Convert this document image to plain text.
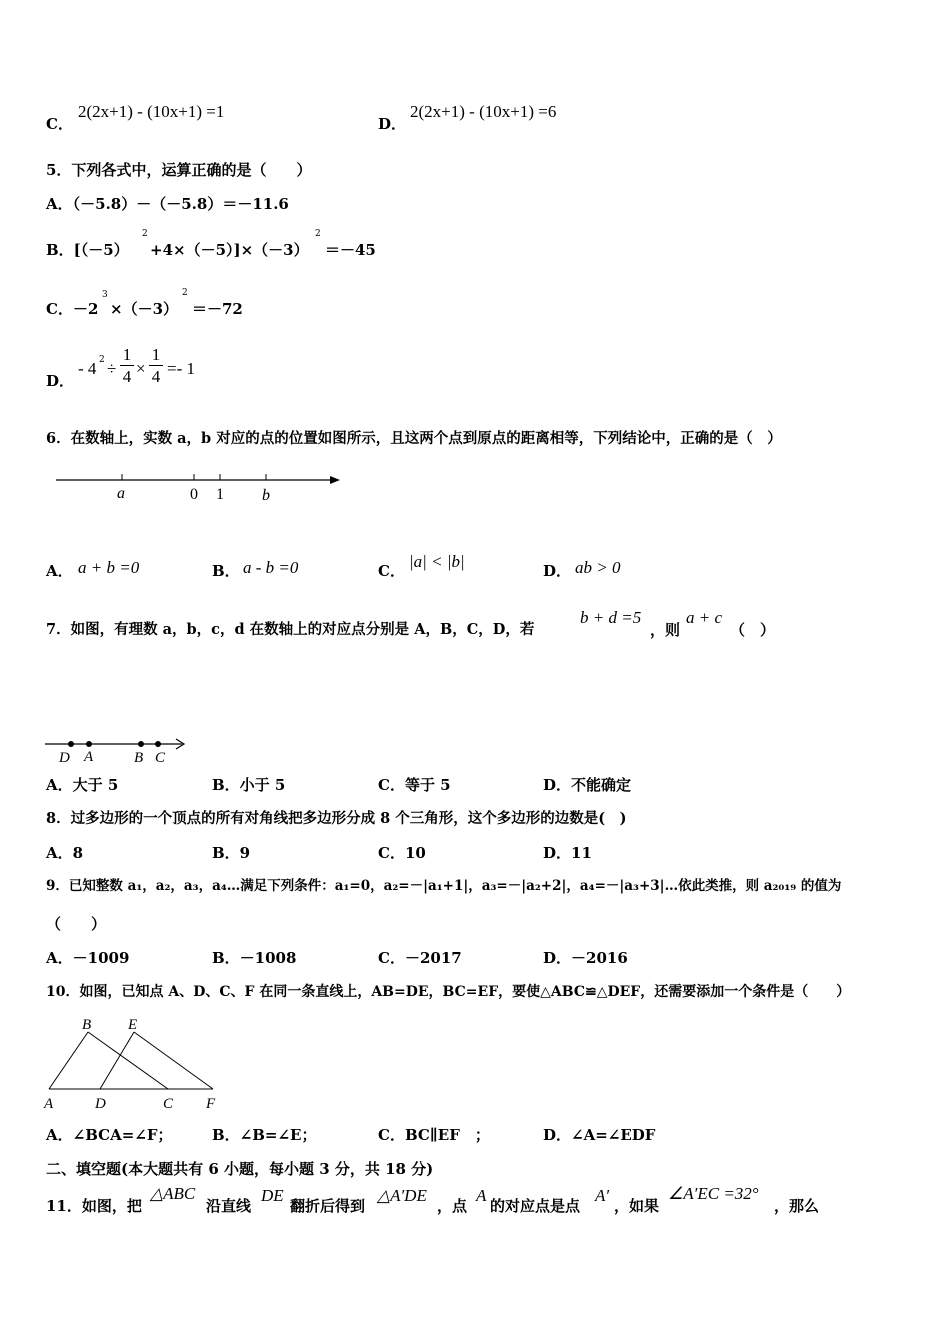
C．
2(2x+1) - (10x+1) =1
D．
2(2x+1) - (10x+1) =6
5．下列各式中，运算正确的是（　　）
A．（－5.8）－（－5.8）＝－11.6
B．[（－5）
2
+4×（－5）]×（－3）
2
＝－45
C．－2
3
×（－3）
2
＝－72
D．
- 4 2 ÷
1
4 ×
1
4 =- 1
6．在数轴上，实数 a，b 对应的点的位置如图所示，且这两个点到原点的距离相等，下列结论中，正确的是（　）
a	0 1 b
A． a + b =0	B． a - b =0	C． |a| < |b|	D． ab > 0
7．如图，有理数 a，b，c，d 在数轴上的对应点分别是 A，B，C，D，若
b + d =5
，则
a + c
（　）
D A	B C
A．大于 5	B．小于 5	C．等于 5	D．不能确定
8．过多边形的一个顶点的所有对角线把多边形分成 8 个三角形，这个多边形的边数是(　)
A．8	B．9	C．10	D．11
9．已知整数 a₁，a₂，a₃，a₄…满足下列条件：a₁=0，a₂=－|a₁+1|，a₃=－|a₂+2|，a₄=－|a₃+3|…依此类推，则 a₂₀₁₉ 的值为
（　　）
A．－1009	B．－1008	C．－2017	D．－2016
10．如图，已知点 A、D、C、F 在同一条直线上，AB=DE，BC=EF，要使△ABC≌△DEF，还需要添加一个条件是（　　）
B E
A	D	C F
A．∠BCA=∠F；	B．∠B=∠E；	C．BC∥EF　；	D．∠A=∠EDF
二、填空题(本大题共有 6 小题，每小题 3 分，共 18 分)
11．如图，把
△ABC
沿直线
DE
翻折后得到
△A′DE
，点
A
的对应点是点
A′
，如果
∠A′EC =32°
，那么
